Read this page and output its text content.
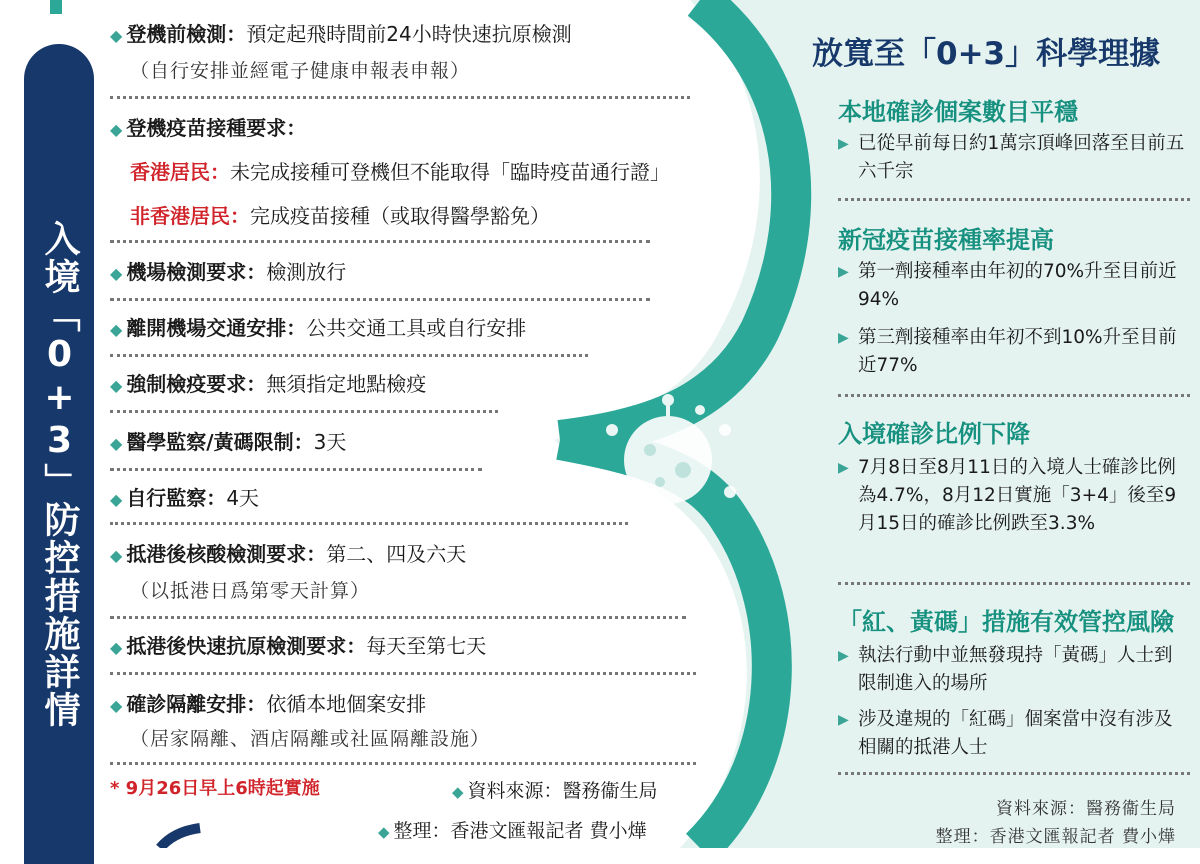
入境「0+3」防控措施詳情
◆ 登機前檢測：預定起飛時間前24小時快速抗原檢測
（自行安排並經電子健康申報表申報）
◆ 登機疫苗接種要求：
香港居民：未完成接種可登機但不能取得「臨時疫苗通行證」
非香港居民：完成疫苗接種（或取得醫學豁免）
◆ 機場檢測要求：檢測放行
◆ 離開機場交通安排：公共交通工具或自行安排
◆ 強制檢疫要求：無須指定地點檢疫
◆ 醫學監察/黃碼限制：3天
◆ 自行監察：4天
◆ 抵港後核酸檢測要求：第二、四及六天
（以抵港日爲第零天計算）
◆ 抵港後快速抗原檢測要求：每天至第七天
◆ 確診隔離安排：依循本地個案安排
（居家隔離、酒店隔離或社區隔離設施）
* 9月26日早上6時起實施	◆ 資料來源：醫務衞生局
◆ 整理：香港文匯報記者 費小燁
放寬至「0+3」科學理據
本地確診個案數目平穩
▶ 已從早前每日約1萬宗頂峰回落至目前五六千宗
新冠疫苗接種率提高
▶ 第一劑接種率由年初的70%升至目前近94%
▶ 第三劑接種率由年初不到10%升至目前近77%
入境確診比例下降
▶ 7月8日至8月11日的入境人士確診比例為4.7%，8月12日實施「3+4」後至9月15日的確診比例跌至3.3%
「紅、黃碼」措施有效管控風險
▶ 執法行動中並無發現持「黃碼」人士到限制進入的場所
▶ 涉及違規的「紅碼」個案當中沒有涉及相關的抵港人士
資料來源：醫務衞生局
整理：香港文匯報記者 費小燁
